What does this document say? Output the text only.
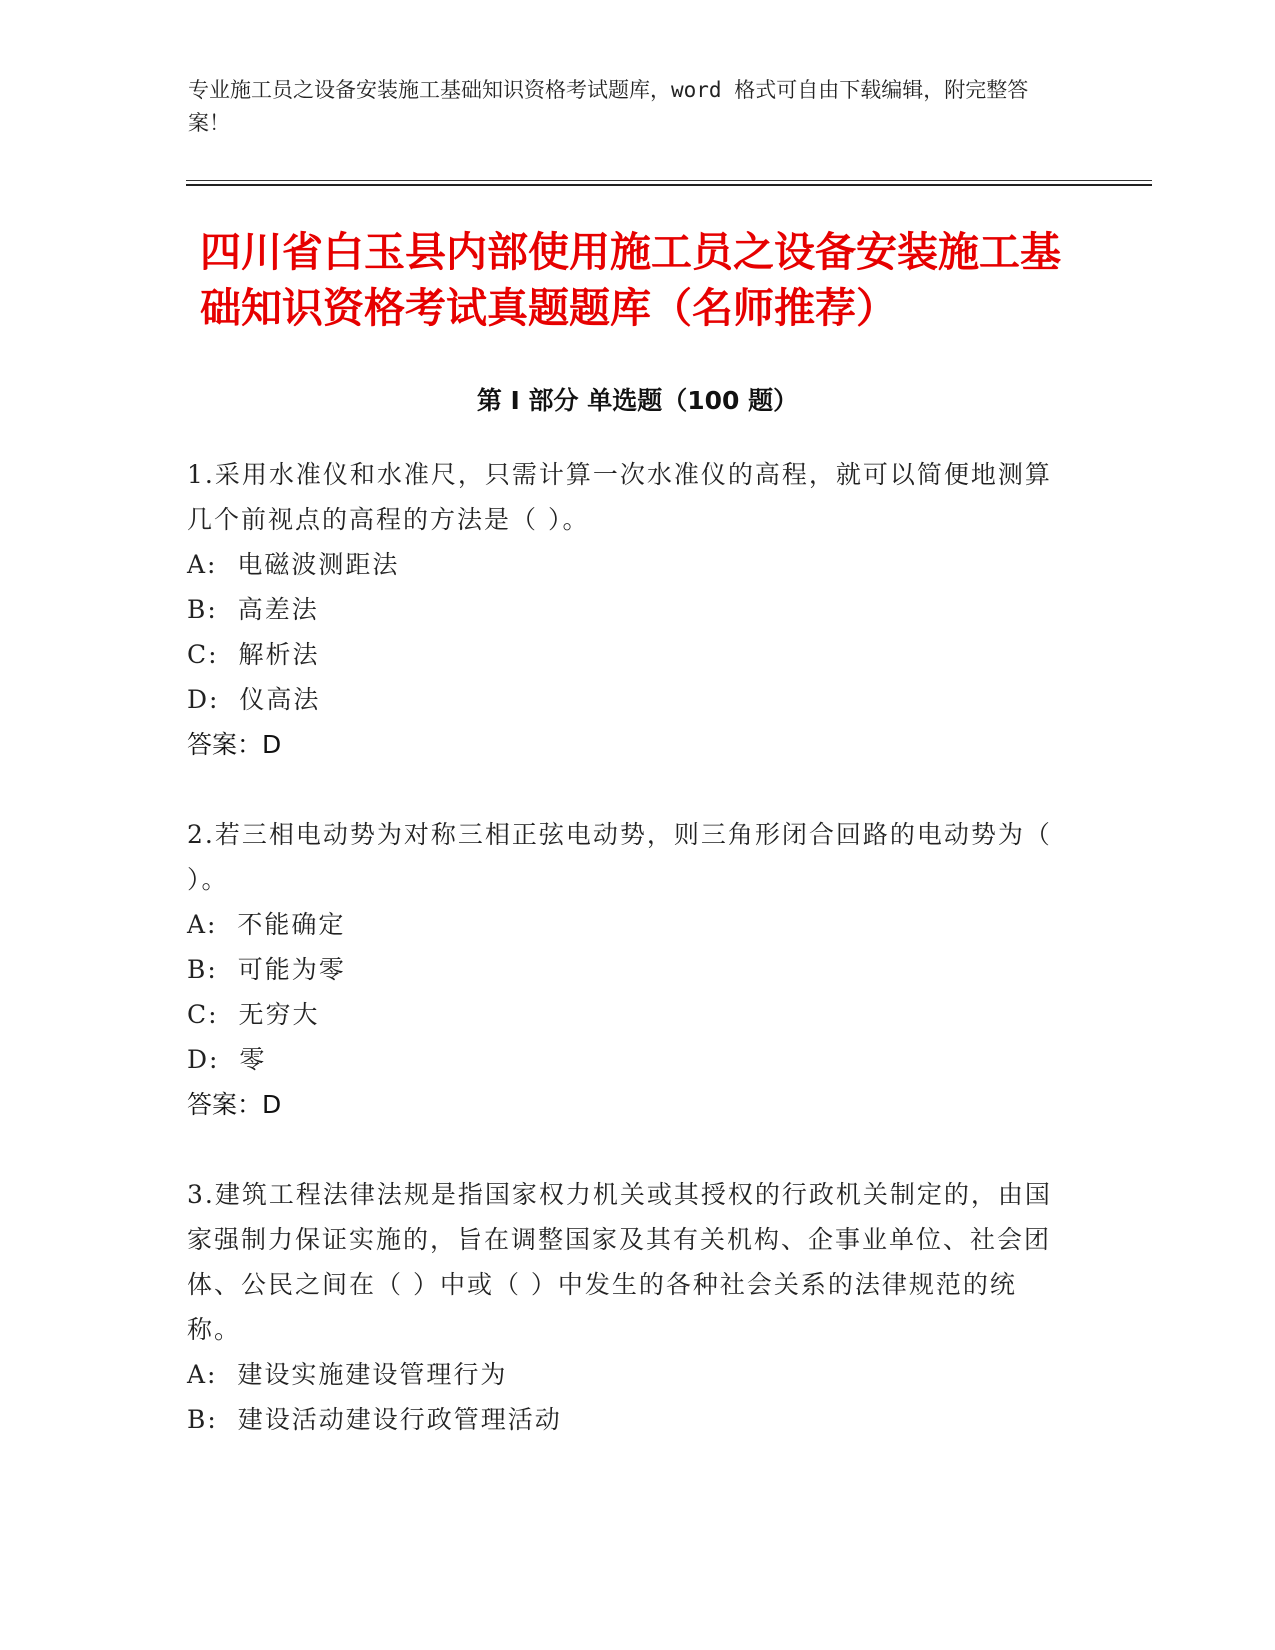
专业施工员之设备安装施工基础知识资格考试题库，word 格式可自由下载编辑，附完整答案！

四川省白玉县内部使用施工员之设备安装施工基础知识资格考试真题题库（名师推荐）
第 I 部分 单选题（100 题）

1.采用水准仪和水准尺，只需计算一次水准仪的高程，就可以简便地测算几个前视点的高程的方法是（ ）。

A:  电磁波测距法

B:  高差法

C:  解析法

D:  仪高法

答案：D

2.若三相电动势为对称三相正弦电动势，则三角形闭合回路的电动势为（ ）。

A:  不能确定

B:  可能为零

C:  无穷大

D:  零

答案：D

3.建筑工程法律法规是指国家权力机关或其授权的行政机关制定的，由国家强制力保证实施的，旨在调整国家及其有关机构、企事业单位、社会团体、公民之间在（ ）中或（ ）中发生的各种社会关系的法律规范的统称。

A:  建设实施建设管理行为

B:  建设活动建设行政管理活动
